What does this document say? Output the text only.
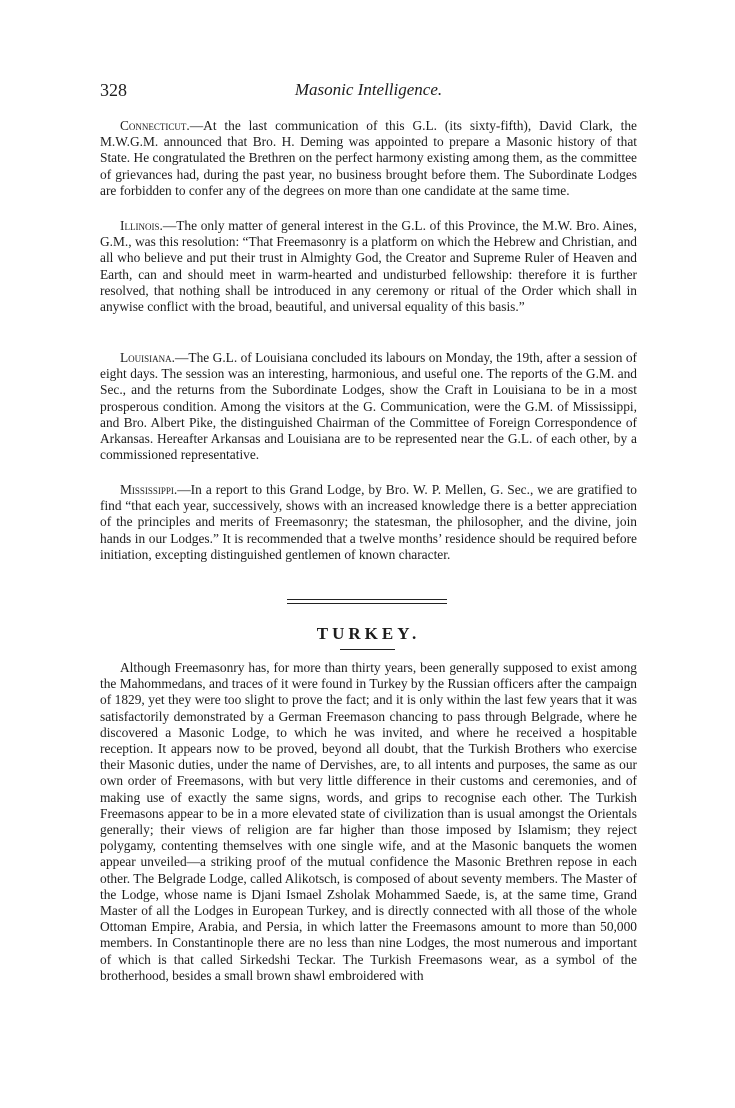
328	Masonic Intelligence.

Connecticut.—At the last communication of this G.L. (its sixty-fifth), David Clark, the M.W.G.M. announced that Bro. H. Deming was appointed to prepare a Masonic history of that State. He congratulated the Brethren on the perfect harmony existing among them, as the committee of grievances had, during the past year, no business brought before them. The Subordinate Lodges are forbidden to confer any of the degrees on more than one candidate at the same time.

Illinois.—The only matter of general interest in the G.L. of this Province, the M.W. Bro. Aines, G.M., was this resolution: “That Freemasonry is a platform on which the Hebrew and Christian, and all who believe and put their trust in Almighty God, the Creator and Supreme Ruler of Heaven and Earth, can and should meet in warm-hearted and undisturbed fellowship: therefore it is further resolved, that nothing shall be introduced in any ceremony or ritual of the Order which shall in anywise conflict with the broad, beautiful, and universal equality of this basis.”

Louisiana.—The G.L. of Louisiana concluded its labours on Monday, the 19th, after a session of eight days. The session was an interesting, harmonious, and useful one. The reports of the G.M. and Sec., and the returns from the Subordinate Lodges, show the Craft in Louisiana to be in a most prosperous condition. Among the visitors at the G. Communication, were the G.M. of Mississippi, and Bro. Albert Pike, the distinguished Chairman of the Committee of Foreign Correspondence of Arkansas. Hereafter Arkansas and Louisiana are to be represented near the G.L. of each other, by a commissioned representative.

Mississippi.—In a report to this Grand Lodge, by Bro. W. P. Mellen, G. Sec., we are gratified to find “that each year, successively, shows with an increased knowledge there is a better appreciation of the principles and merits of Freemasonry; the statesman, the philosopher, and the divine, join hands in our Lodges.” It is recommended that a twelve months’ residence should be required before initiation, excepting distinguished gentlemen of known character.

TURKEY.

Although Freemasonry has, for more than thirty years, been generally supposed to exist among the Mahommedans, and traces of it were found in Turkey by the Russian officers after the campaign of 1829, yet they were too slight to prove the fact; and it is only within the last few years that it was satisfactorily demonstrated by a German Freemason chancing to pass through Belgrade, where he discovered a Masonic Lodge, to which he was invited, and where he received a hospitable reception. It appears now to be proved, beyond all doubt, that the Turkish Brothers who exercise their Masonic duties, under the name of Dervishes, are, to all intents and purposes, the same as our own order of Freemasons, with but very little difference in their customs and ceremonies, and of making use of exactly the same signs, words, and grips to recognise each other. The Turkish Freemasons appear to be in a more elevated state of civilization than is usual amongst the Orientals generally; their views of religion are far higher than those imposed by Islamism; they reject polygamy, contenting themselves with one single wife, and at the Masonic banquets the women appear unveiled—a striking proof of the mutual confidence the Masonic Brethren repose in each other. The Belgrade Lodge, called Alikotsch, is composed of about seventy members. The Master of the Lodge, whose name is Djani Ismael Zsholak Mohammed Saede, is, at the same time, Grand Master of all the Lodges in European Turkey, and is directly connected with all those of the whole Ottoman Empire, Arabia, and Persia, in which latter the Freemasons amount to more than 50,000 members. In Constantinople there are no less than nine Lodges, the most numerous and important of which is that called Sirkedshi Teckar. The Turkish Freemasons wear, as a symbol of the brotherhood, besides a small brown shawl embroidered with
